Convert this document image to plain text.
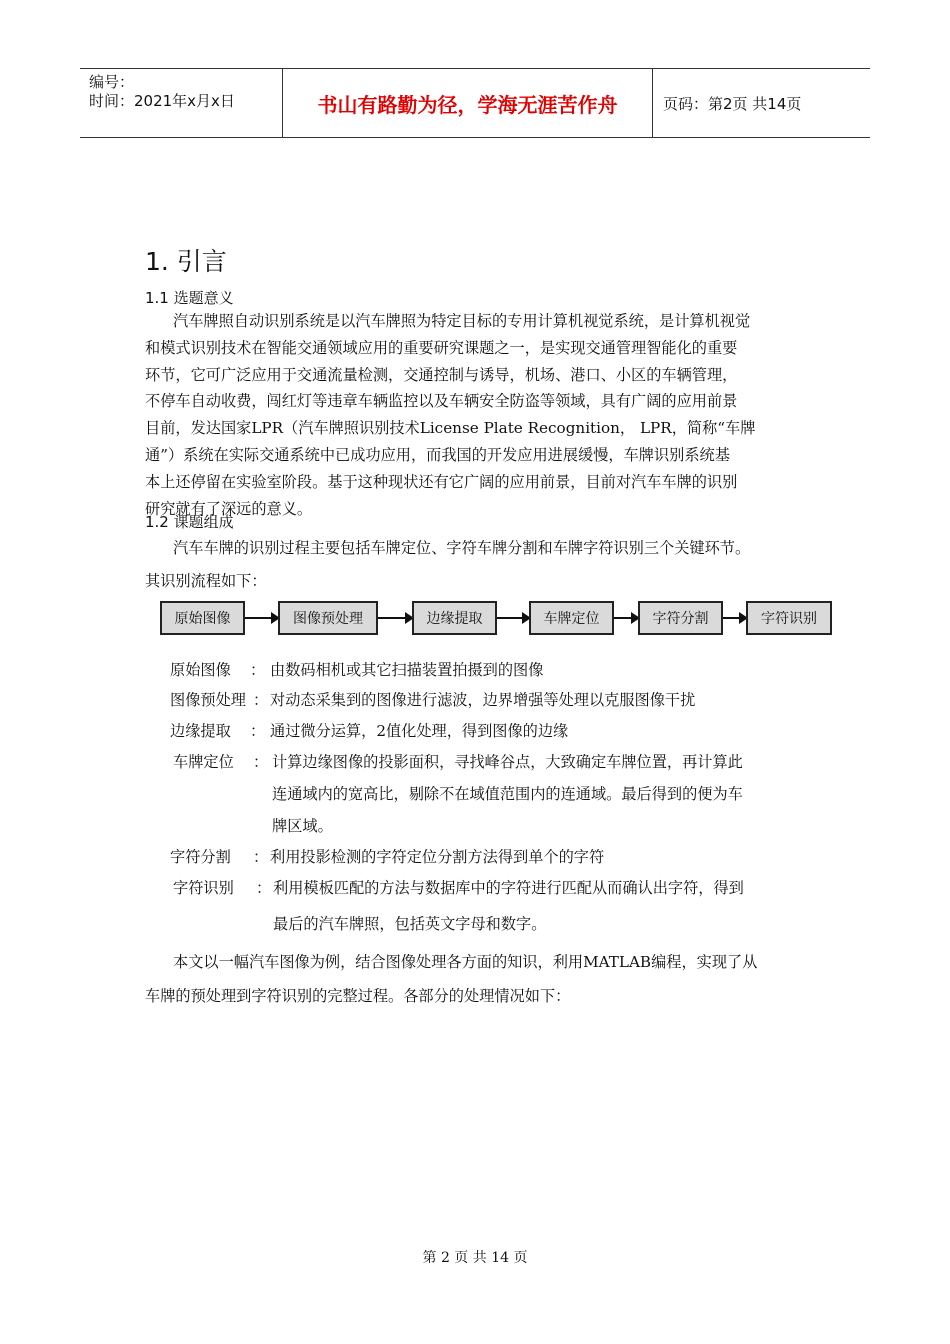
编号：
时间：2021年x月x日	书山有路勤为径，学海无涯苦作舟	页码：第2页 共14页
1. 引言
1.1 选题意义
汽车牌照自动识别系统是以汽车牌照为特定目标的专用计算机视觉系统，是计算机视觉
和模式识别技术在智能交通领域应用的重要研究课题之一，是实现交通管理智能化的重要
环节，它可广泛应用于交通流量检测，交通控制与诱导，机场、港口、小区的车辆管理，
不停车自动收费，闯红灯等违章车辆监控以及车辆安全防盗等领域，具有广阔的应用前景
目前，发达国家LPR（汽车牌照识别技术License Plate Recognition， LPR，简称“车牌
通”）系统在实际交通系统中已成功应用，而我国的开发应用进展缓慢，车牌识别系统基
本上还停留在实验室阶段。基于这种现状还有它广阔的应用前景，目前对汽车车牌的识别
研究就有了深远的意义。
1.2 课题组成
汽车车牌的识别过程主要包括车牌定位、字符车牌分割和车牌字符识别三个关键环节。
其识别流程如下：
原始图像	图像预处理	边缘提取	车牌定位	字符分割	字符识别
原始图像 ： 由数码相机或其它扫描装置拍摄到的图像
图像预处理 ： 对动态采集到的图像进行滤波，边界增强等处理以克服图像干扰
边缘提取 ： 通过微分运算，2值化处理，得到图像的边缘
车牌定位 ： 计算边缘图像的投影面积，寻找峰谷点，大致确定车牌位置，再计算此
连通域内的宽高比，剔除不在域值范围内的连通域。最后得到的便为车
牌区域。
字符分割 ： 利用投影检测的字符定位分割方法得到单个的字符
字符识别 ： 利用模板匹配的方法与数据库中的字符进行匹配从而确认出字符，得到
最后的汽车牌照，包括英文字母和数字。
本文以一幅汽车图像为例，结合图像处理各方面的知识，利用MATLAB编程，实现了从
车牌的预处理到字符识别的完整过程。各部分的处理情况如下：
第 2 页 共 14 页
